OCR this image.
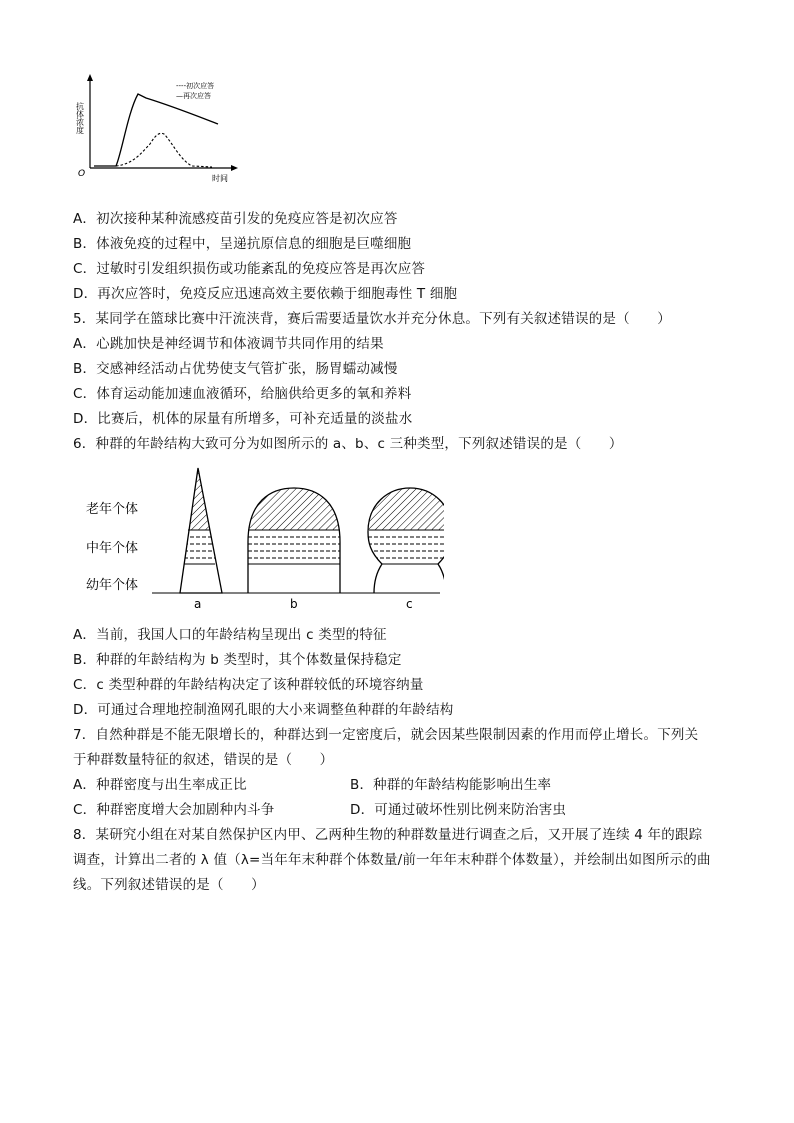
抗体浓度
O	时间
----初次应答
—再次应答
A．初次接种某种流感疫苗引发的免疫应答是初次应答
B．体液免疫的过程中，呈递抗原信息的细胞是巨噬细胞
C．过敏时引发组织损伤或功能紊乱的免疫应答是再次应答
D．再次应答时，免疫反应迅速高效主要依赖于细胞毒性 T 细胞
5．某同学在篮球比赛中汗流浃背，赛后需要适量饮水并充分休息。下列有关叙述错误的是（　　）
A．心跳加快是神经调节和体液调节共同作用的结果
B．交感神经活动占优势使支气管扩张，肠胃蠕动减慢
C．体育运动能加速血液循环，给脑供给更多的氧和养料
D．比赛后，机体的尿量有所增多，可补充适量的淡盐水
6．种群的年龄结构大致可分为如图所示的 a、b、c 三种类型，下列叙述错误的是（　　）
老年个体
中年个体
幼年个体
a	b	c
A．当前，我国人口的年龄结构呈现出 c 类型的特征
B．种群的年龄结构为 b 类型时，其个体数量保持稳定
C．c 类型种群的年龄结构决定了该种群较低的环境容纳量
D．可通过合理地控制渔网孔眼的大小来调整鱼种群的年龄结构
7．自然种群是不能无限增长的，种群达到一定密度后，就会因某些限制因素的作用而停止增长。下列关
于种群数量特征的叙述，错误的是（　　）
A．种群密度与出生率成正比	B．种群的年龄结构能影响出生率
C．种群密度增大会加剧种内斗争	D．可通过破坏性别比例来防治害虫
8．某研究小组在对某自然保护区内甲、乙两种生物的种群数量进行调查之后，又开展了连续 4 年的跟踪
调查，计算出二者的 λ 值（λ=当年年末种群个体数量/前一年年末种群个体数量），并绘制出如图所示的曲
线。下列叙述错误的是（　　）
